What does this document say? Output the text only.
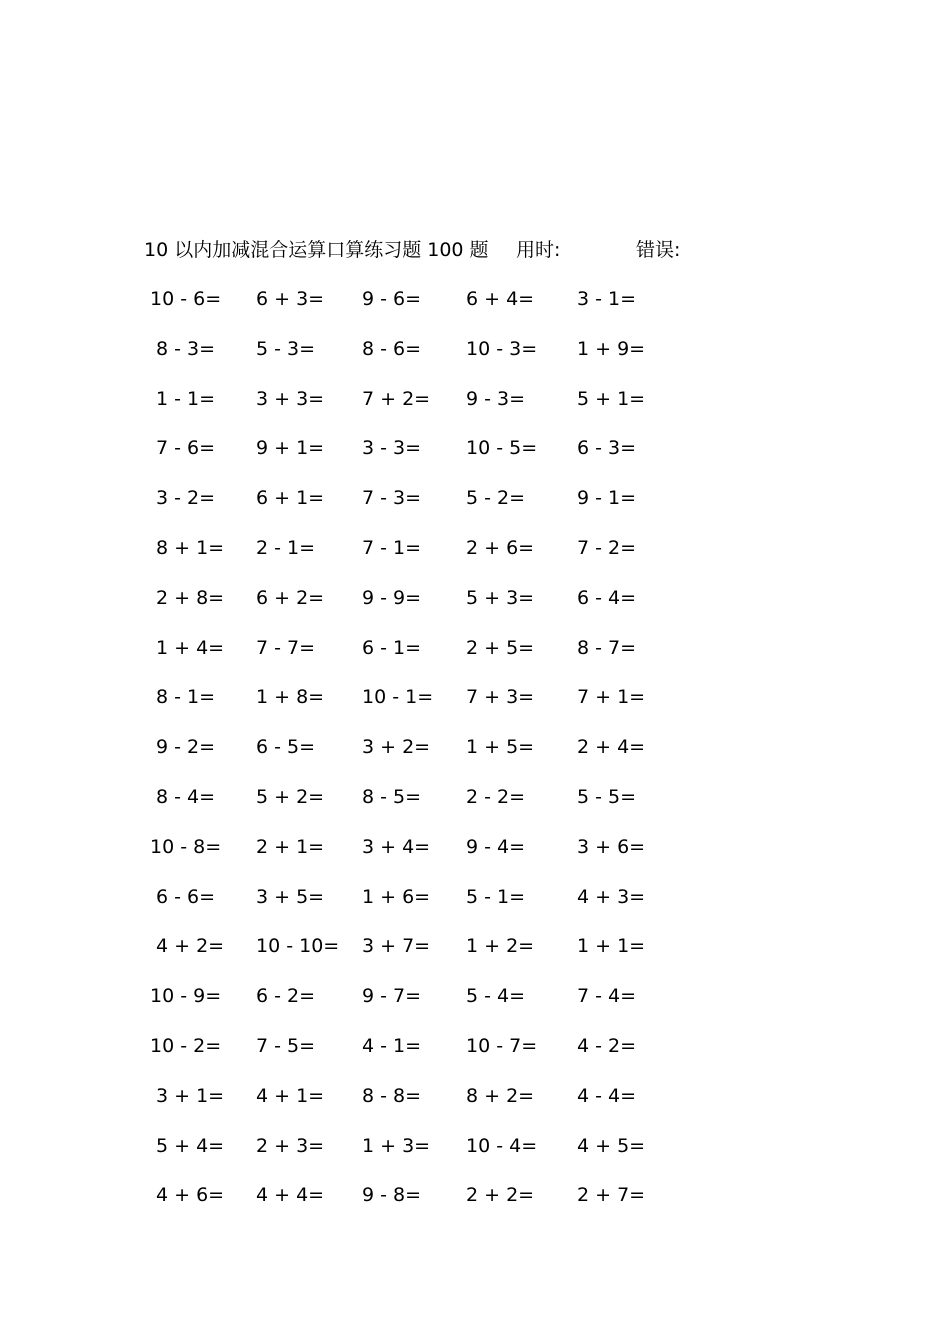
10 以内加减混合运算口算练习题 100 题 用时:	错误:
10 - 6= 6 + 3= 9 - 6= 6 + 4= 3 - 1=
8 - 3= 5 - 3= 8 - 6= 10 - 3= 1 + 9=
1 - 1= 3 + 3= 7 + 2= 9 - 3=	5 + 1=
7 - 6= 9 + 1= 3 - 3= 10 - 5= 6 - 3=
3 - 2= 6 + 1= 7 - 3= 5 - 2=	9 - 1=
8 + 1= 2 - 1= 7 - 1= 2 + 6= 7 - 2=
2 + 8= 6 + 2= 9 - 9= 5 + 3= 6 - 4=
1 + 4= 7 - 7= 6 - 1= 2 + 5= 8 - 7=
8 - 1= 1 + 8= 10 - 1= 7 + 3= 7 + 1=
9 - 2= 6 - 5= 3 + 2= 1 + 5= 2 + 4=
8 - 4= 5 + 2= 8 - 5= 2 - 2=	5 - 5=
10 - 8= 2 + 1= 3 + 4= 9 - 4=	3 + 6=
6 - 6= 3 + 5= 1 + 6= 5 - 1=	4 + 3=
4 + 2= 10 - 10= 3 + 7= 1 + 2= 1 + 1=
10 - 9= 6 - 2= 9 - 7= 5 - 4=	7 - 4=
10 - 2= 7 - 5= 4 - 1= 10 - 7= 4 - 2=
3 + 1= 4 + 1= 8 - 8= 8 + 2= 4 - 4=
5 + 4= 2 + 3= 1 + 3= 10 - 4= 4 + 5=
4 + 6= 4 + 4= 9 - 8= 2 + 2= 2 + 7=
